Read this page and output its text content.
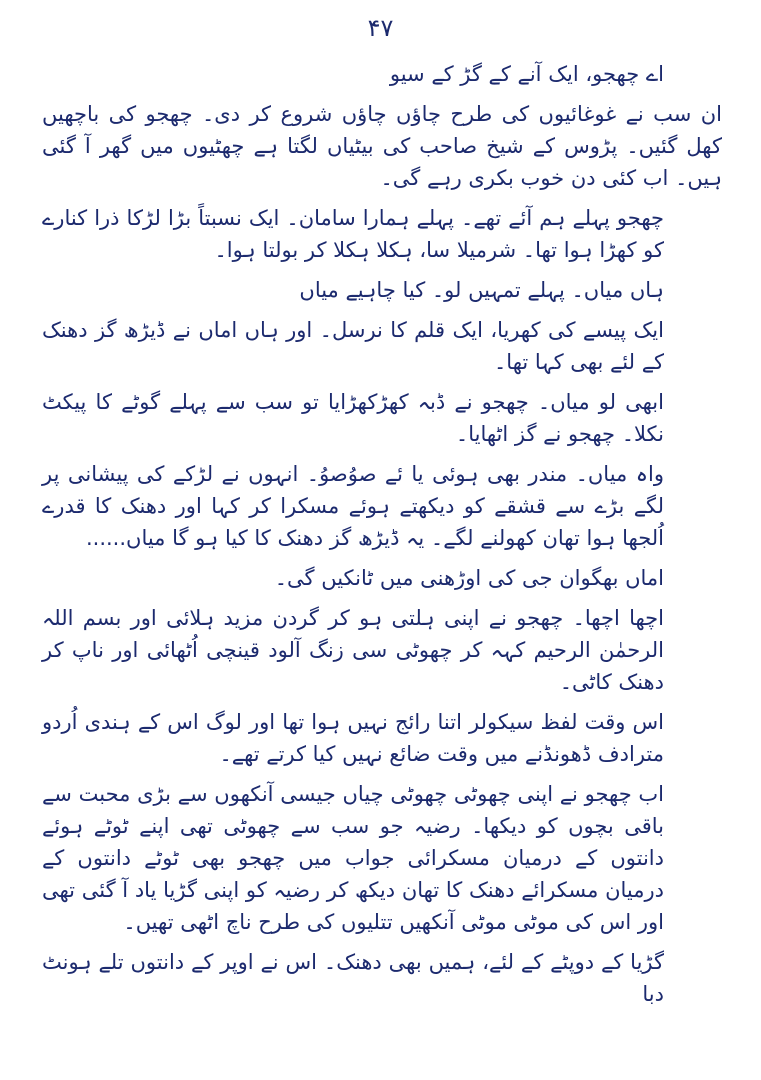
۴۷

اے چھجو، ایک آنے کے گڑ کے سیو

ان سب نے غوغائیوں کی طرح چاؤں چاؤں شروع کر دی۔ چھجو کی باچھیں کھل گئیں۔ پڑوس کے شیخ صاحب کی بیٹیاں لگتا ہے چھٹیوں میں گھر آ گئی ہیں۔ اب کئی دن خوب بکری رہے گی۔

چھجو پہلے ہم آئے تھے۔ پہلے ہمارا سامان۔ ایک نسبتاً بڑا لڑکا ذرا کنارے کو کھڑا ہوا تھا۔ شرمیلا سا، ہکلا ہکلا کر بولتا ہوا۔

ہاں میاں۔ پہلے تمہیں لو۔ کیا چاہیے میاں

ایک پیسے کی کھریا، ایک قلم کا نرسل۔ اور ہاں اماں نے ڈیڑھ گز دھنک کے لئے بھی کہا تھا۔

ابھی لو میاں۔ چھجو نے ڈبہ کھڑکھڑایا تو سب سے پہلے گوٹے کا پیکٹ نکلا۔ چھجو نے گز اٹھایا۔

واہ میاں۔ مندر بھی ہوئی یا ئے صوُصوُ۔ انہوں نے لڑکے کی پیشانی پر لگے بڑے سے قشقے کو دیکھتے ہوئے مسکرا کر کہا اور دھنک کا قدرے اُلجھا ہوا تھان کھولنے لگے۔ یہ ڈیڑھ گز دھنک کا کیا ہو گا میاں......

اماں بھگوان جی کی اوڑھنی میں ٹانکیں گی۔

اچھا اچھا۔ چھجو نے اپنی ہلتی ہو کر گردن مزید ہلائی اور بسم اللہ الرحمٰن الرحیم کہہ کر چھوٹی سی زنگ آلود قینچی اُٹھائی اور ناپ کر دھنک کاٹی۔

اس وقت لفظ سیکولر اتنا رائج نہیں ہوا تھا اور لوگ اس کے ہندی اُردو مترادف ڈھونڈنے میں وقت ضائع نہیں کیا کرتے تھے۔

اب چھجو نے اپنی چھوٹی چھوٹی چیاں جیسی آنکھوں سے بڑی محبت سے باقی بچوں کو دیکھا۔ رضیہ جو سب سے چھوٹی تھی اپنے ٹوٹے ہوئے دانتوں کے درمیان مسکرائی جواب میں چھجو بھی ٹوٹے دانتوں کے درمیان مسکرائے دھنک کا تھان دیکھ کر رضیہ کو اپنی گڑیا یاد آ گئی تھی اور اس کی موٹی موٹی آنکھیں تتلیوں کی طرح ناچ اٹھی تھیں۔

گڑیا کے دوپٹے کے لئے، ہمیں بھی دھنک۔ اس نے اوپر کے دانتوں تلے ہونٹ دبا
